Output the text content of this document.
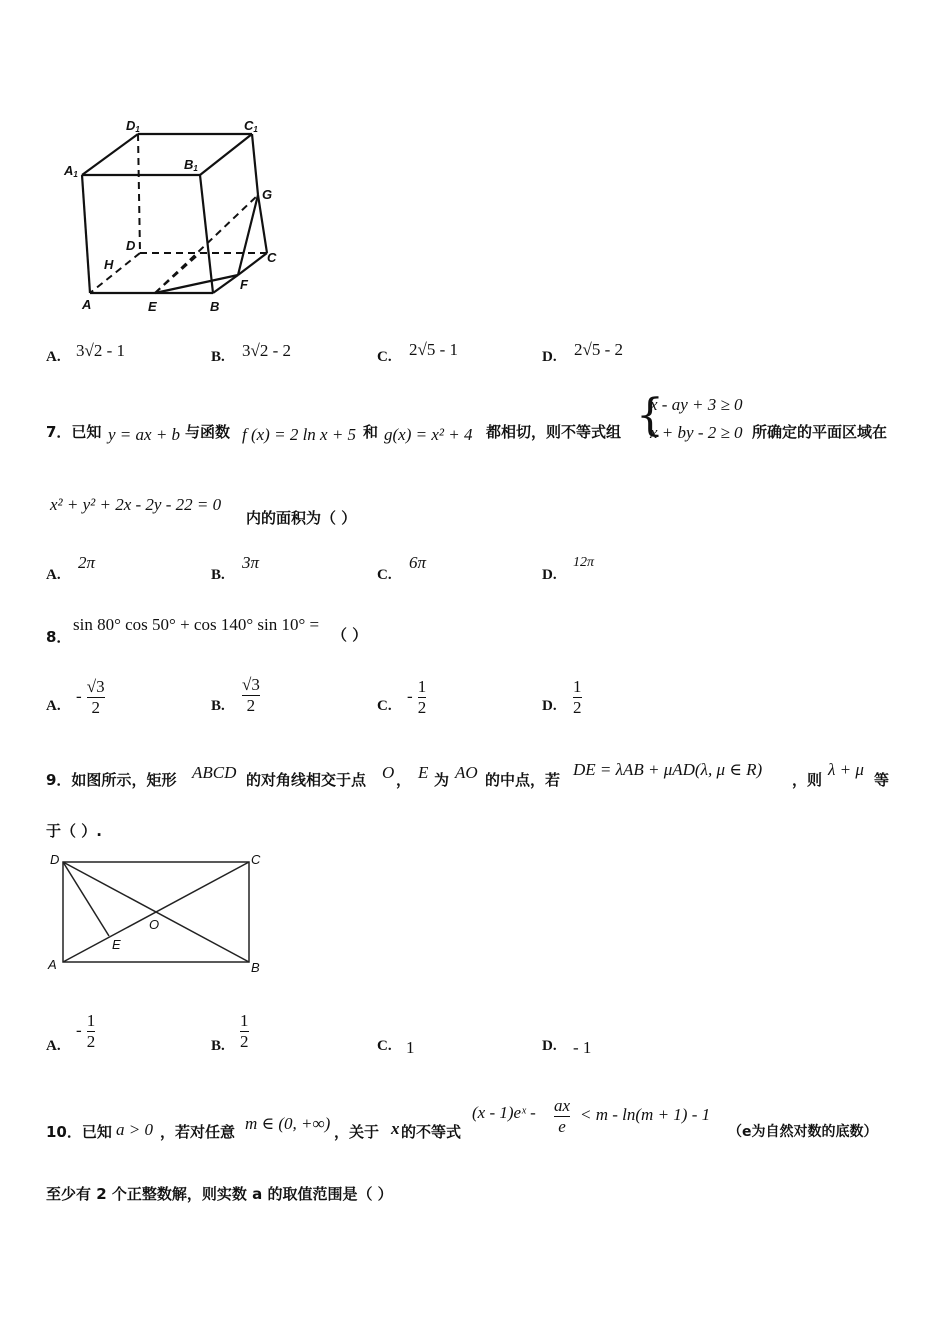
D1	C1
A1
B1
G
D
C
H
F
A	E	B
A. 3√2 - 1	B. 3√2 - 2	C. 2√5 - 1	D. 2√5 - 2
7．已知 y = ax + b 与函数 f (x) = 2 ln x + 5 和 g(x) = x² + 4 都相切，则不等式组 {
x - ay + 3 ≥ 0
x + by - 2 ≥ 0 所确定的平面区域在
x² + y² + 2x - 2y - 22 = 0
内的面积为（ ）
A.
2π
B.
3π
C.
6π
D.
12π
8．
sin 80° cos 50° + cos 140° sin 10° =
（ ）
A.
- $\frac{√3}{2}$	B. $\frac{√3}{2}$	C.
- $\frac{1}{2}$	D. $\frac{1}{2}$
9．如图所示，矩形 ABCD 的对角线相交于点 O ， E 为 AO 的中点，若
DE = λAB + μAD(λ, μ ∈ R)
，则
λ + μ
等
于（ ）.
D	C
O
E
A	B
A.
- $\frac{1}{2}$	B. $\frac{1}{2}$	C. 1	D. - 1
10．已知 a > 0 ，若对任意 m ∈ (0, +∞) ，关于 x 的不等式
(x - 1)eˣ - $\frac{ax}{e} < m - \ln(m + 1) - 1$
（e为自然对数的底数）
至少有 2 个正整数解，则实数 a 的取值范围是（ ）
